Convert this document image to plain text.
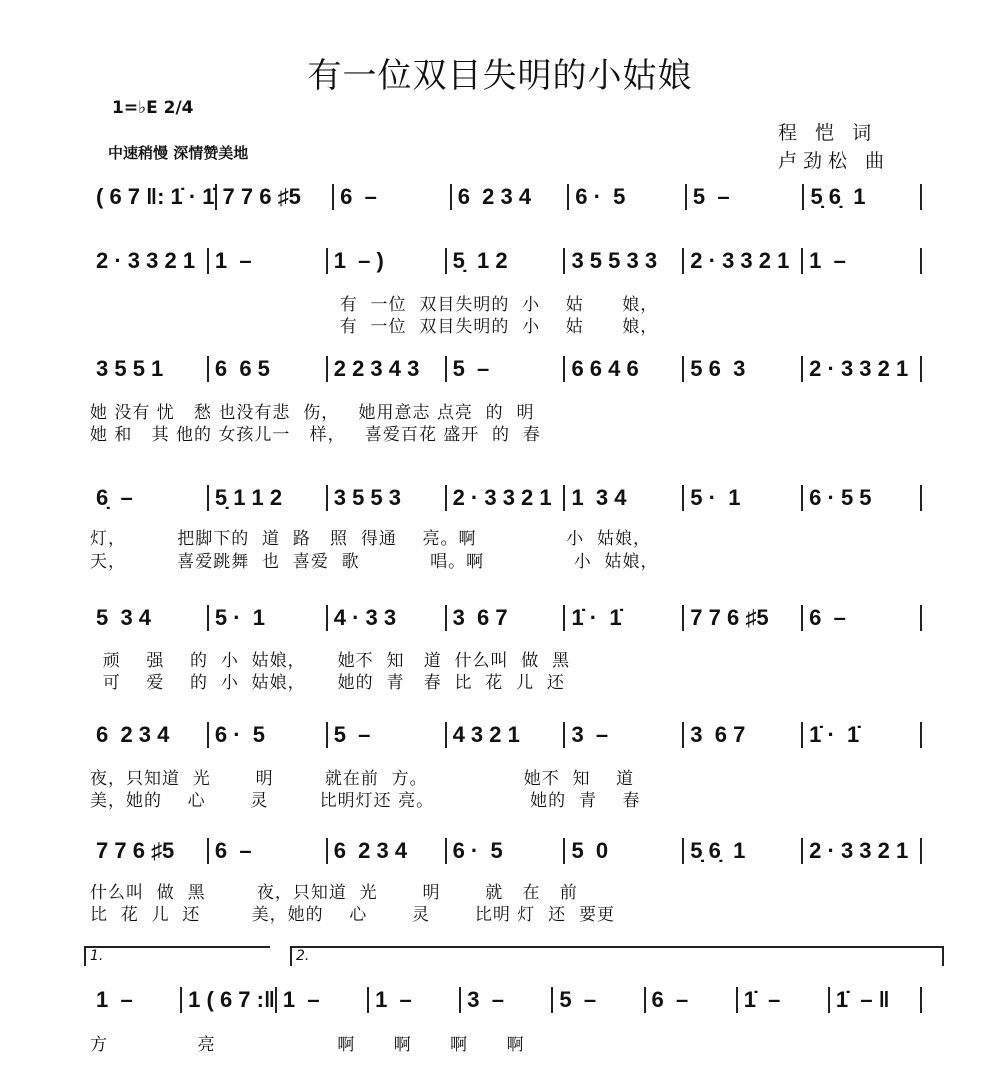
有一位双目失明的小姑娘
1=♭E 2/4
中速稍慢 深情赞美地
程 恺 词
卢劲松 曲
1.	2.
( 6 7 ‖: 1̇ · 1̇ 7 7 6 ♯5	6  –	6  2 3 4	6 ·  5	5  –	5̣ 6̣  1
2 · 3 3 2 1 1  –	1  – )	5̣  1 2	3 5 5 3 3	2 · 3 3 2 1 1  –
有  一位  双目失明的  小    姑      娘，
有  一位  双目失明的  小    姑      娘，
3 5 5 1	6  6 5	2 2 3 4 3	5  –	6 6 4 6	5 6  3	2 · 3 3 2 1
她 没有 忧   愁 也没有悲  伤，   她用意志 点亮  的  明
她 和   其 他的 女孩儿一   样，   喜爱百花 盛开  的  春
6̣  –	5̣ 1 1 2	3 5 5 3	2 · 3 3 2 1 1  3 4	5 ·  1	6 · 5 5
灯，        把脚下的  道  路   照  得通    亮。啊              小  姑娘，
天，        喜爱跳舞  也  喜爱  歌           唱。啊              小  姑娘，
5  3 4	5 ·  1	4 · 3 3	3  6 7	1̇ ·  1̇	7 7 6 ♯5	6  –
顽    强    的  小  姑娘，     她不  知   道  什么叫  做  黑
可    爱    的  小  姑娘，     她的  青   春  比  花  儿  还
6  2 3 4	6 ·  5	5  –	4 3 2 1	3  –	3  6 7	1̇ ·  1̇
夜，只知道  光       明        就在前  方。               她不  知    道
美，她的    心       灵        比明灯还 亮。               她的  青    春
7 7 6 ♯5	6  –	6  2 3 4	6 ·  5	5  0	5̣ 6̣  1	2 · 3 3 2 1
什么叫  做  黑        夜，只知道  光       明       就   在   前
比  花  儿  还        美，她的    心       灵       比明 灯  还  要更
1  –	1 ( 6 7 :‖ 1  –	1  –	3  –	5  –	6  –	1̇  –	1̇  – ‖
方              亮                   啊      啊      啊      啊
